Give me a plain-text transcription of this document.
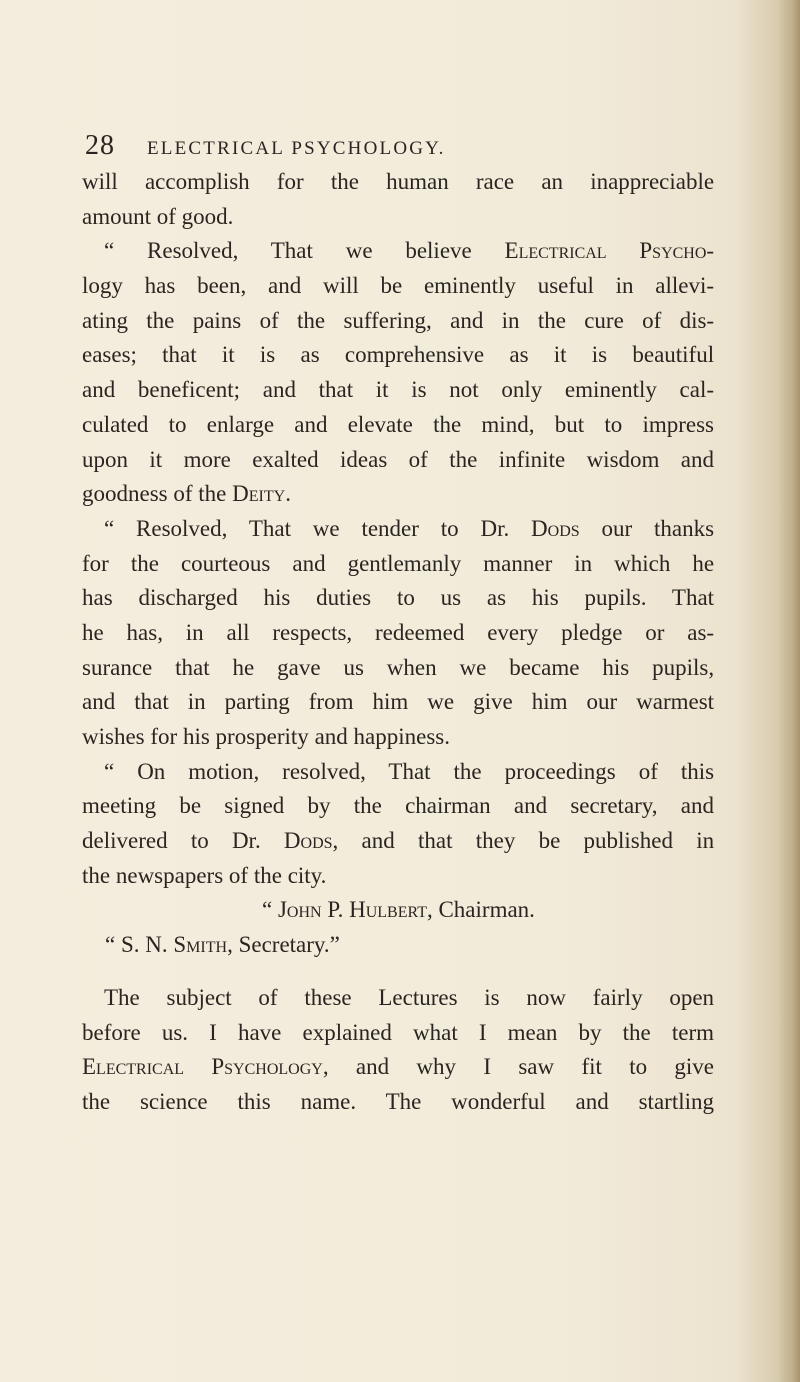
28 ELECTRICAL PSYCHOLOGY.
will accomplish for the human race an inappreciable
amount of good.
“ Resolved, That we believe Electrical Psycho-
logy has been, and will be eminently useful in allevi-
ating the pains of the suffering, and in the cure of dis-
eases; that it is as comprehensive as it is beautiful
and beneficent; and that it is not only eminently cal-
culated to enlarge and elevate the mind, but to impress
upon it more exalted ideas of the infinite wisdom and
goodness of the Deity.
“ Resolved, That we tender to Dr. Dods our thanks
for the courteous and gentlemanly manner in which he
has discharged his duties to us as his pupils. That
he has, in all respects, redeemed every pledge or as-
surance that he gave us when we became his pupils,
and that in parting from him we give him our warmest
wishes for his prosperity and happiness.
“ On motion, resolved, That the proceedings of this
meeting be signed by the chairman and secretary, and
delivered to Dr. Dods, and that they be published in
the newspapers of the city.
“ John P. Hulbert, Chairman.
“ S. N. Smith, Secretary.”
The subject of these Lectures is now fairly open
before us. I have explained what I mean by the term
Electrical Psychology, and why I saw fit to give
the science this name. The wonderful and startling
